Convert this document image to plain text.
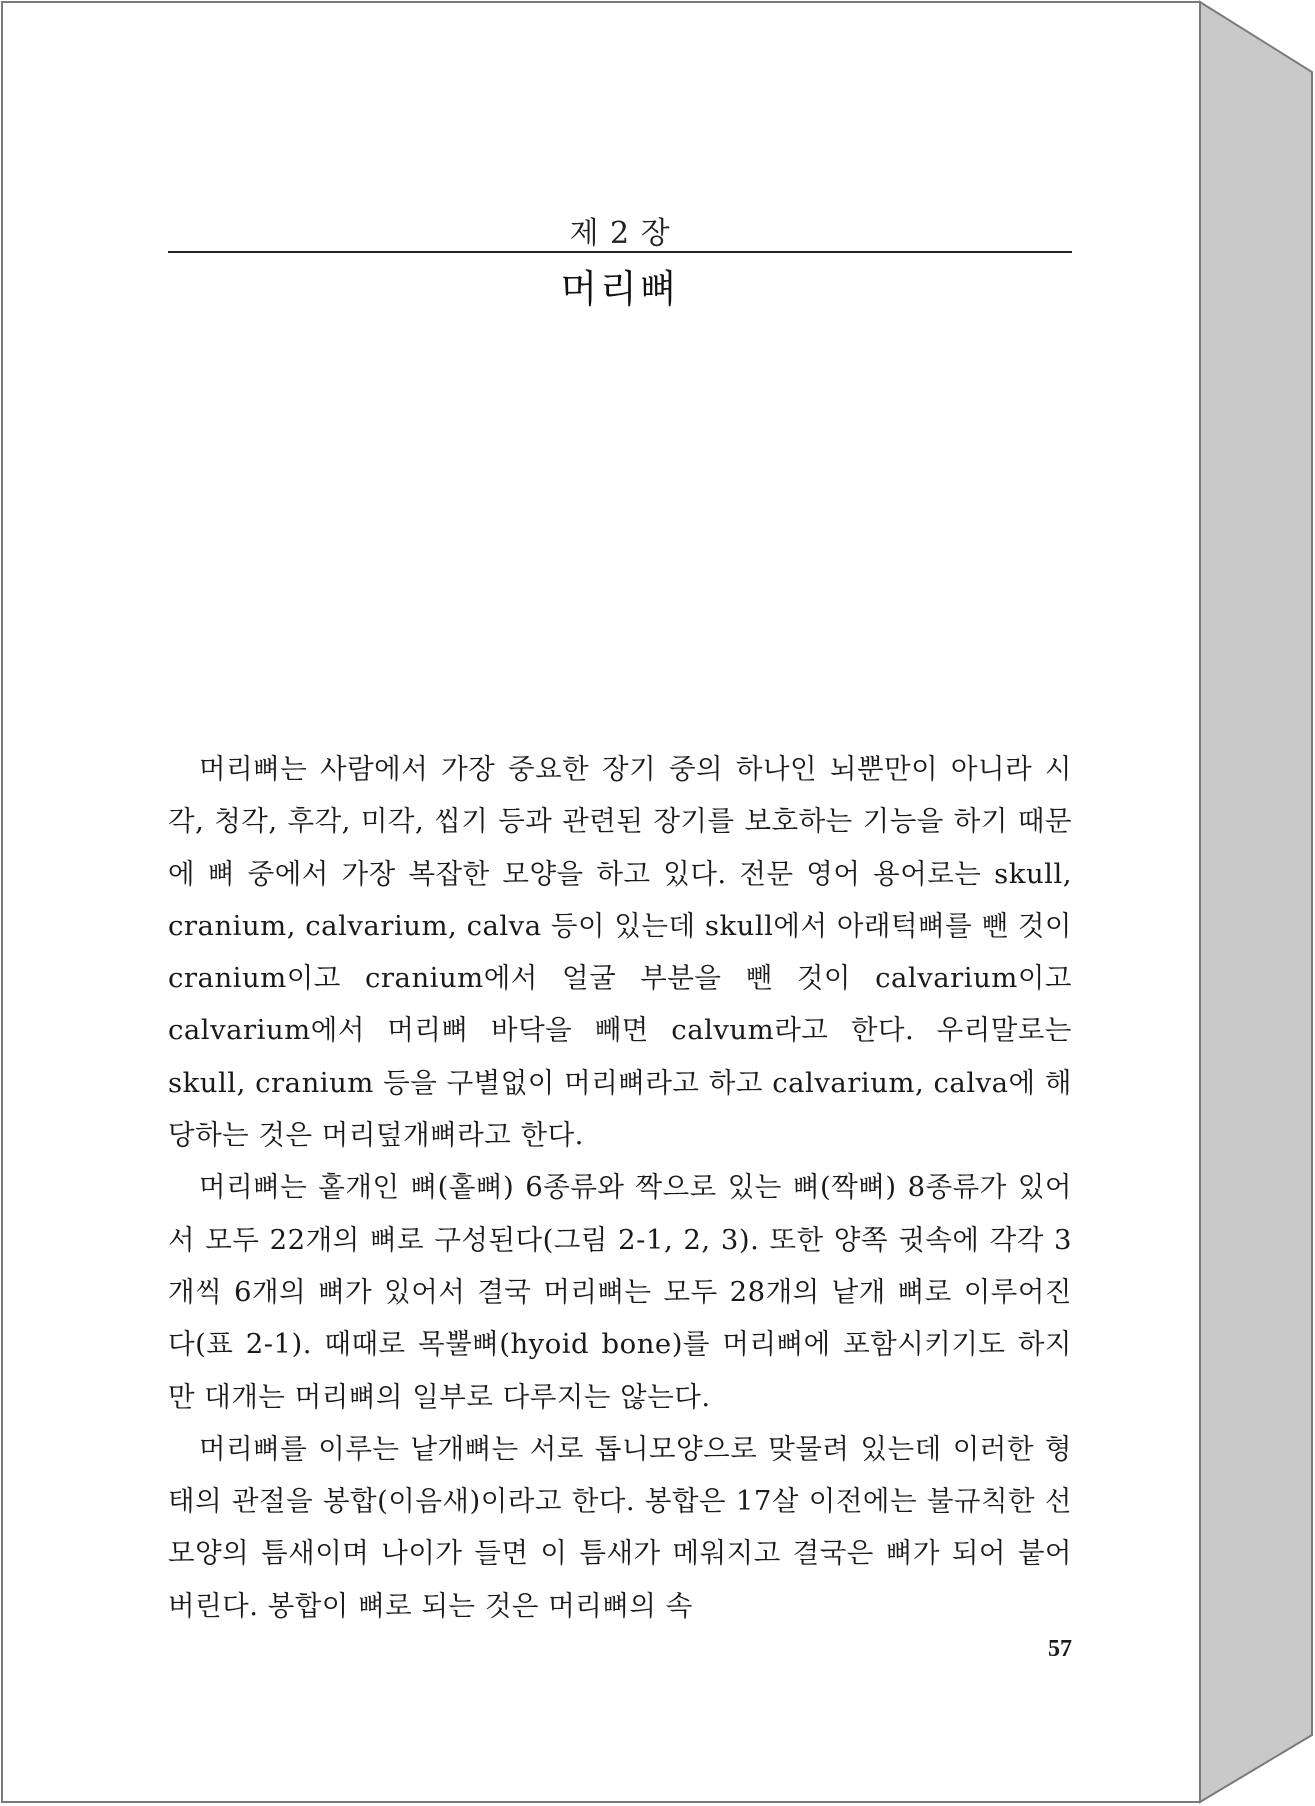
제 2 장
머리뼈

머리뼈는 사람에서 가장 중요한 장기 중의 하나인 뇌뿐만이 아니라 시각, 청각, 후각, 미각, 씹기 등과 관련된 장기를 보호하는 기능을 하기 때문에 뼈 중에서 가장 복잡한 모양을 하고 있다. 전문 영어 용어로는 skull, cranium, calvarium, calva 등이 있는데 skull에서 아래턱뼈를 뺀 것이 cranium이고 cranium에서 얼굴 부분을 뺀 것이 calvarium이고 calvarium에서 머리뼈 바닥을 빼면 calvum라고 한다. 우리말로는 skull, cranium 등을 구별없이 머리뼈라고 하고 calvarium, calva에 해당하는 것은 머리덮개뼈라고 한다.

머리뼈는 홑개인 뼈(홑뼈) 6종류와 짝으로 있는 뼈(짝뼈) 8종류가 있어서 모두 22개의 뼈로 구성된다(그림 2-1, 2, 3). 또한 양쪽 귓속에 각각 3개씩 6개의 뼈가 있어서 결국 머리뼈는 모두 28개의 낱개 뼈로 이루어진다(표 2-1). 때때로 목뿔뼈(hyoid bone)를 머리뼈에 포함시키기도 하지만 대개는 머리뼈의 일부로 다루지는 않는다.

머리뼈를 이루는 낱개뼈는 서로 톱니모양으로 맞물려 있는데 이러한 형태의 관절을 봉합(이음새)이라고 한다. 봉합은 17살 이전에는 불규칙한 선 모양의 틈새이며 나이가 들면 이 틈새가 메워지고 결국은 뼈가 되어 붙어버린다. 봉합이 뼈로 되는 것은 머리뼈의 속

57
